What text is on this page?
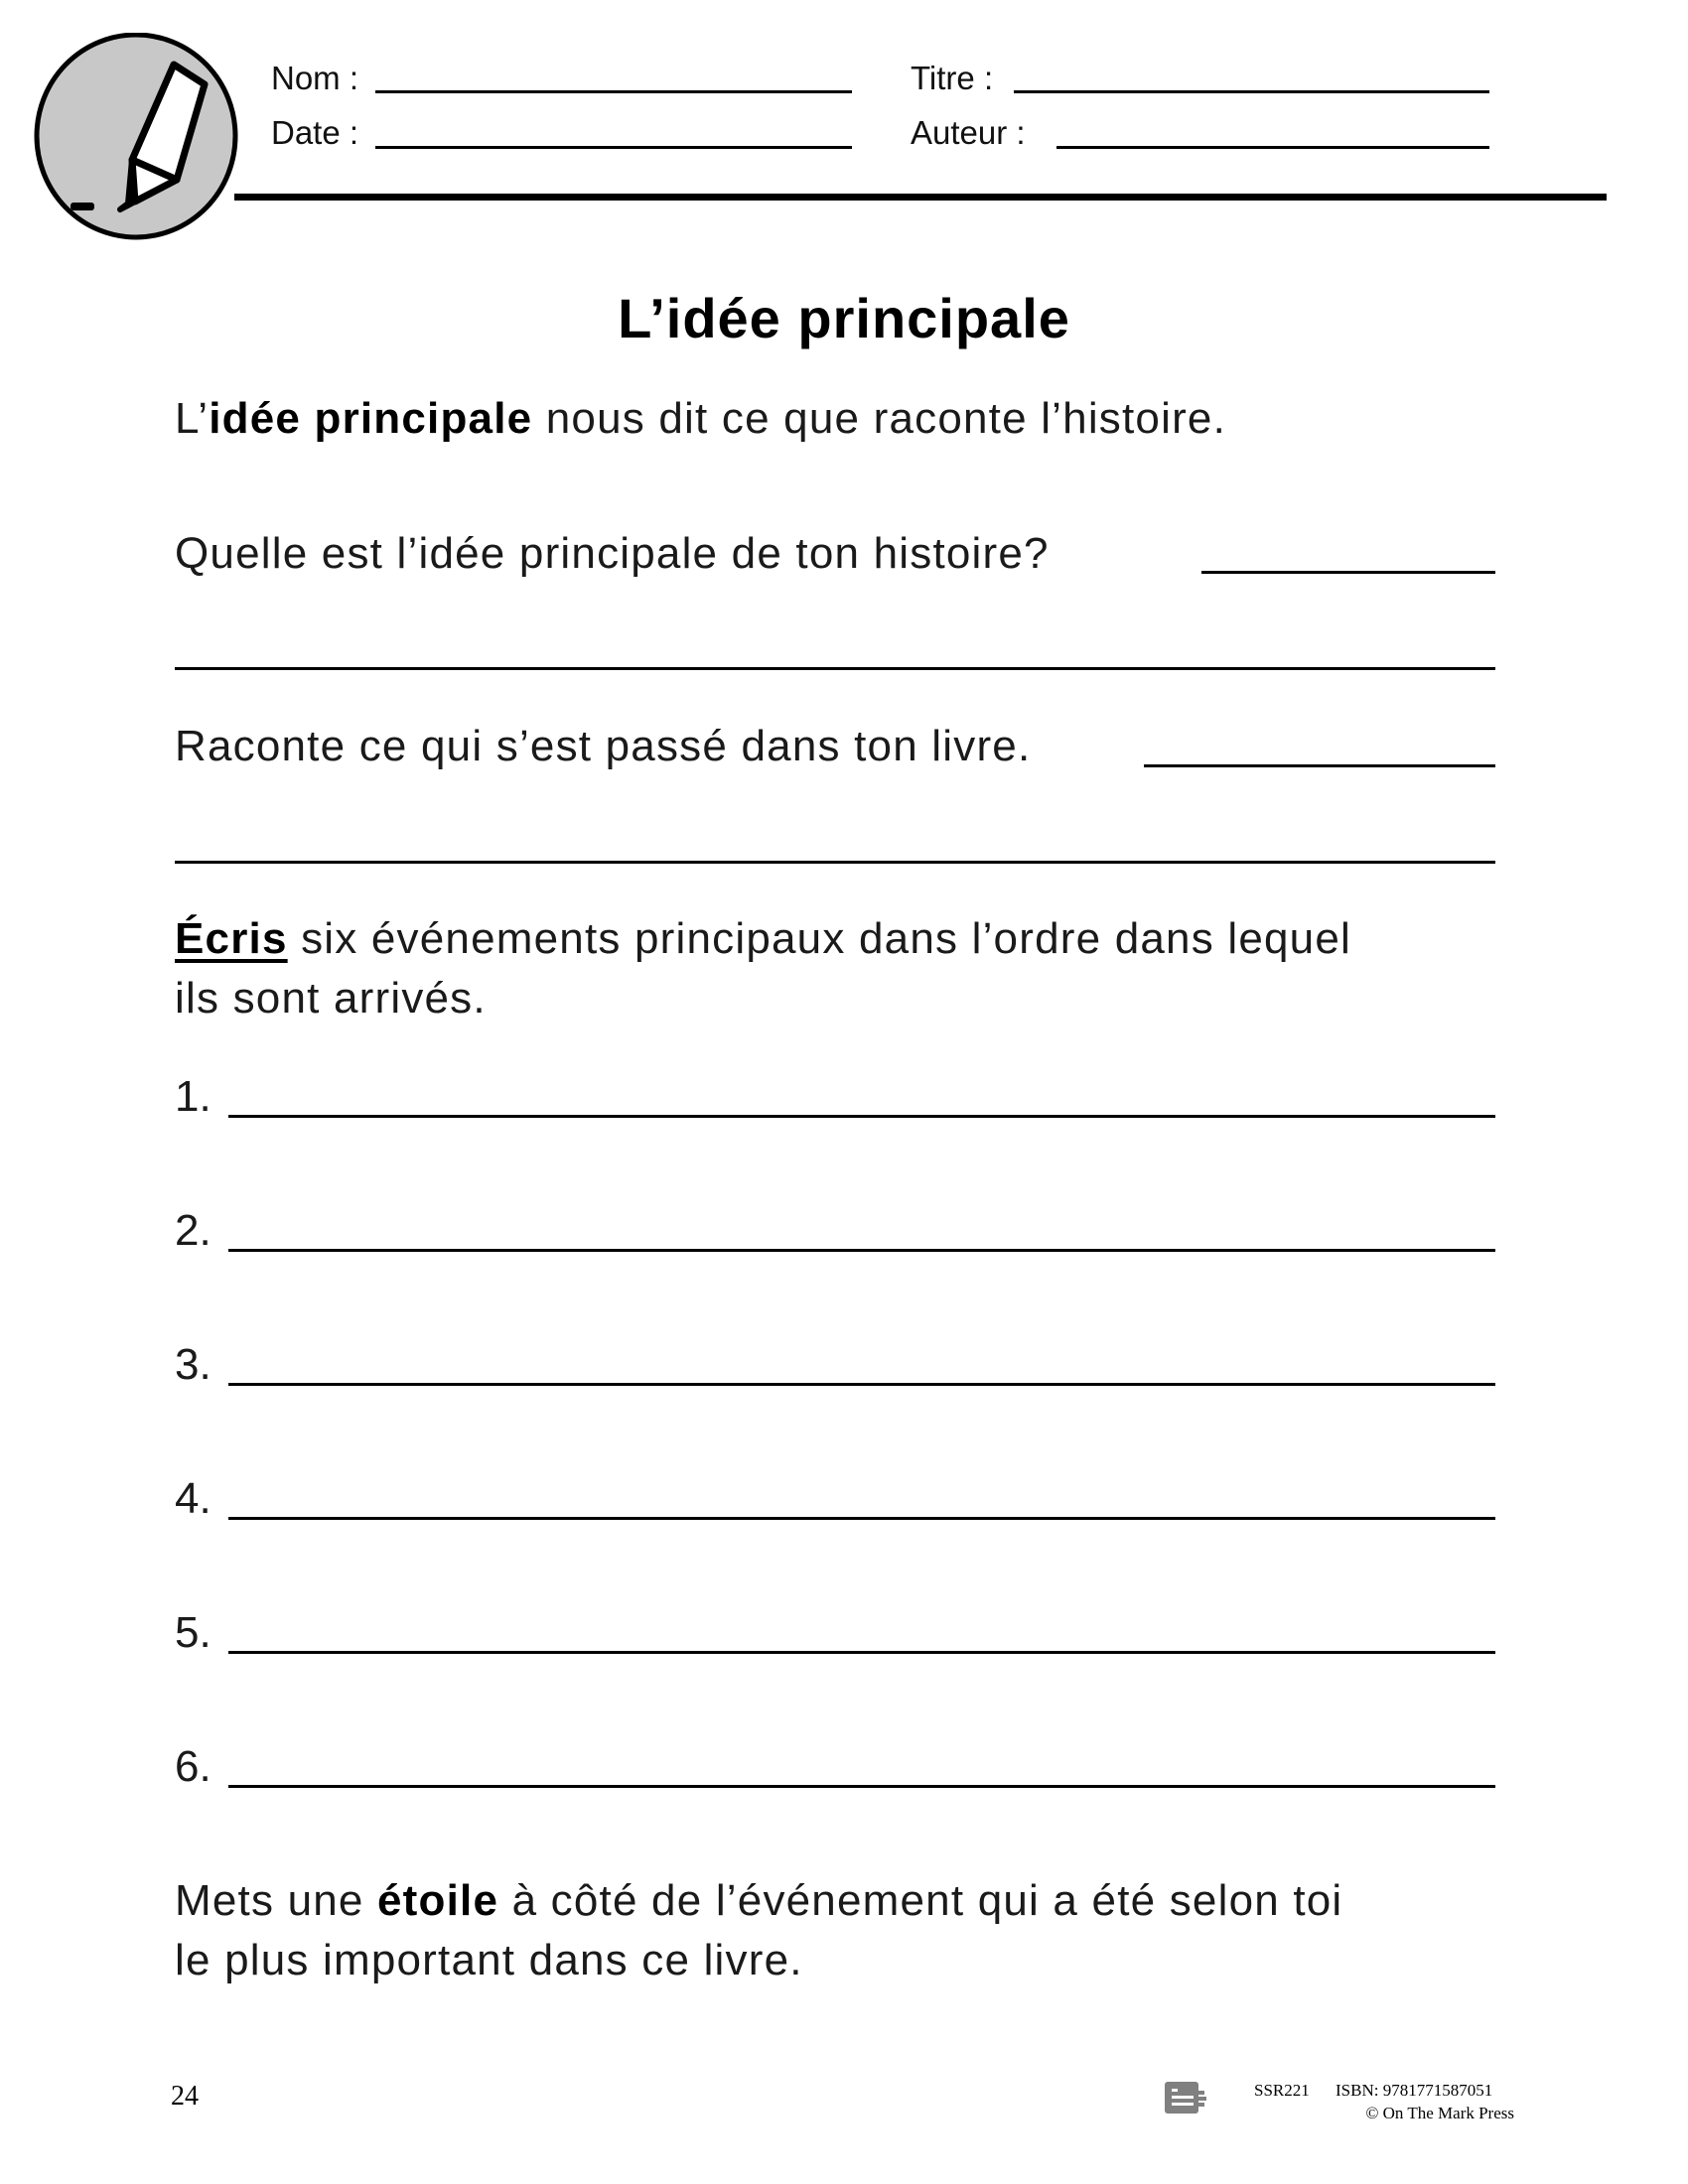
Nom :
Date :
Titre :
Auteur :
L’idée principale
L’idée principale nous dit ce que raconte l’histoire.
Quelle est l’idée principale de ton histoire?
Raconte ce qui s’est passé dans ton livre.
Écris six événements principaux dans l’ordre dans lequel
ils sont arrivés.
1.
2.
3.
4.
5.
6.
Mets une étoile à côté de l’événement qui a été selon toi
le plus important dans ce livre.
24	SSR221 ISBN: 9781771587051
© On The Mark Press
